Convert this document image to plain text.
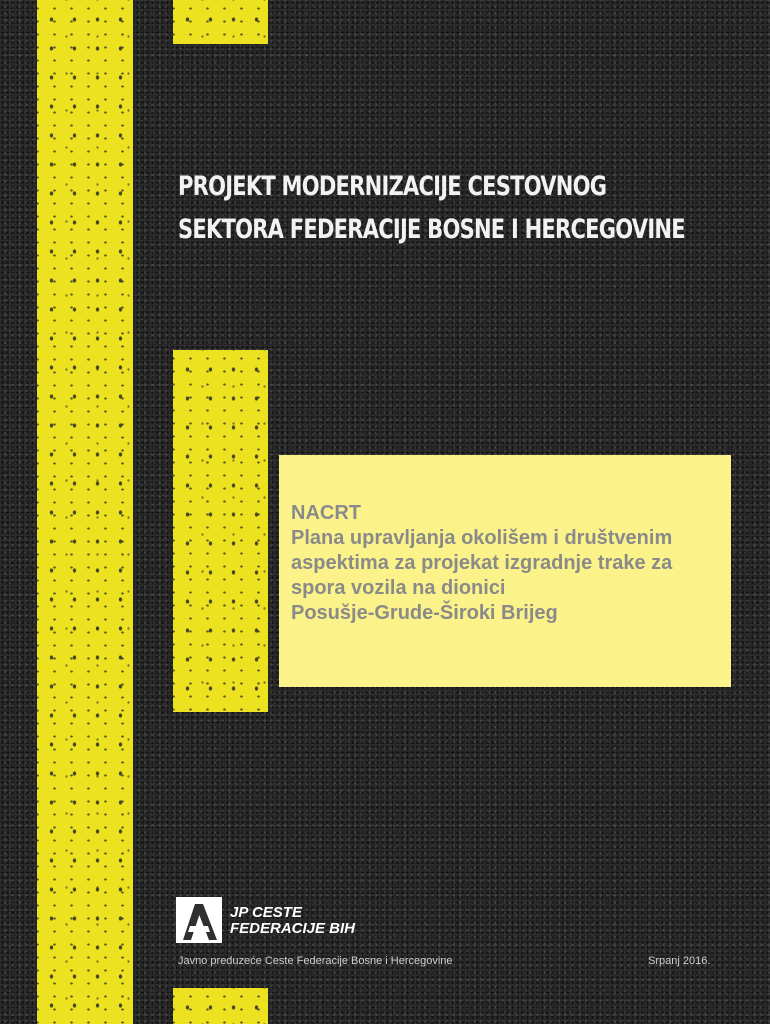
PROJEKT MODERNIZACIJE CESTOVNOG
SEKTORA FEDERACIJE BOSNE I HERCEGOVINE
NACRT
Plana upravljanja okolišem i društvenim
aspektima za projekat izgradnje trake za
spora vozila na dionici
Posušje-Grude-Široki Brijeg
JP CESTE
FEDERACIJE BIH
Javno preduzeće Ceste Federacije Bosne i Hercegovine	Srpanj 2016.
